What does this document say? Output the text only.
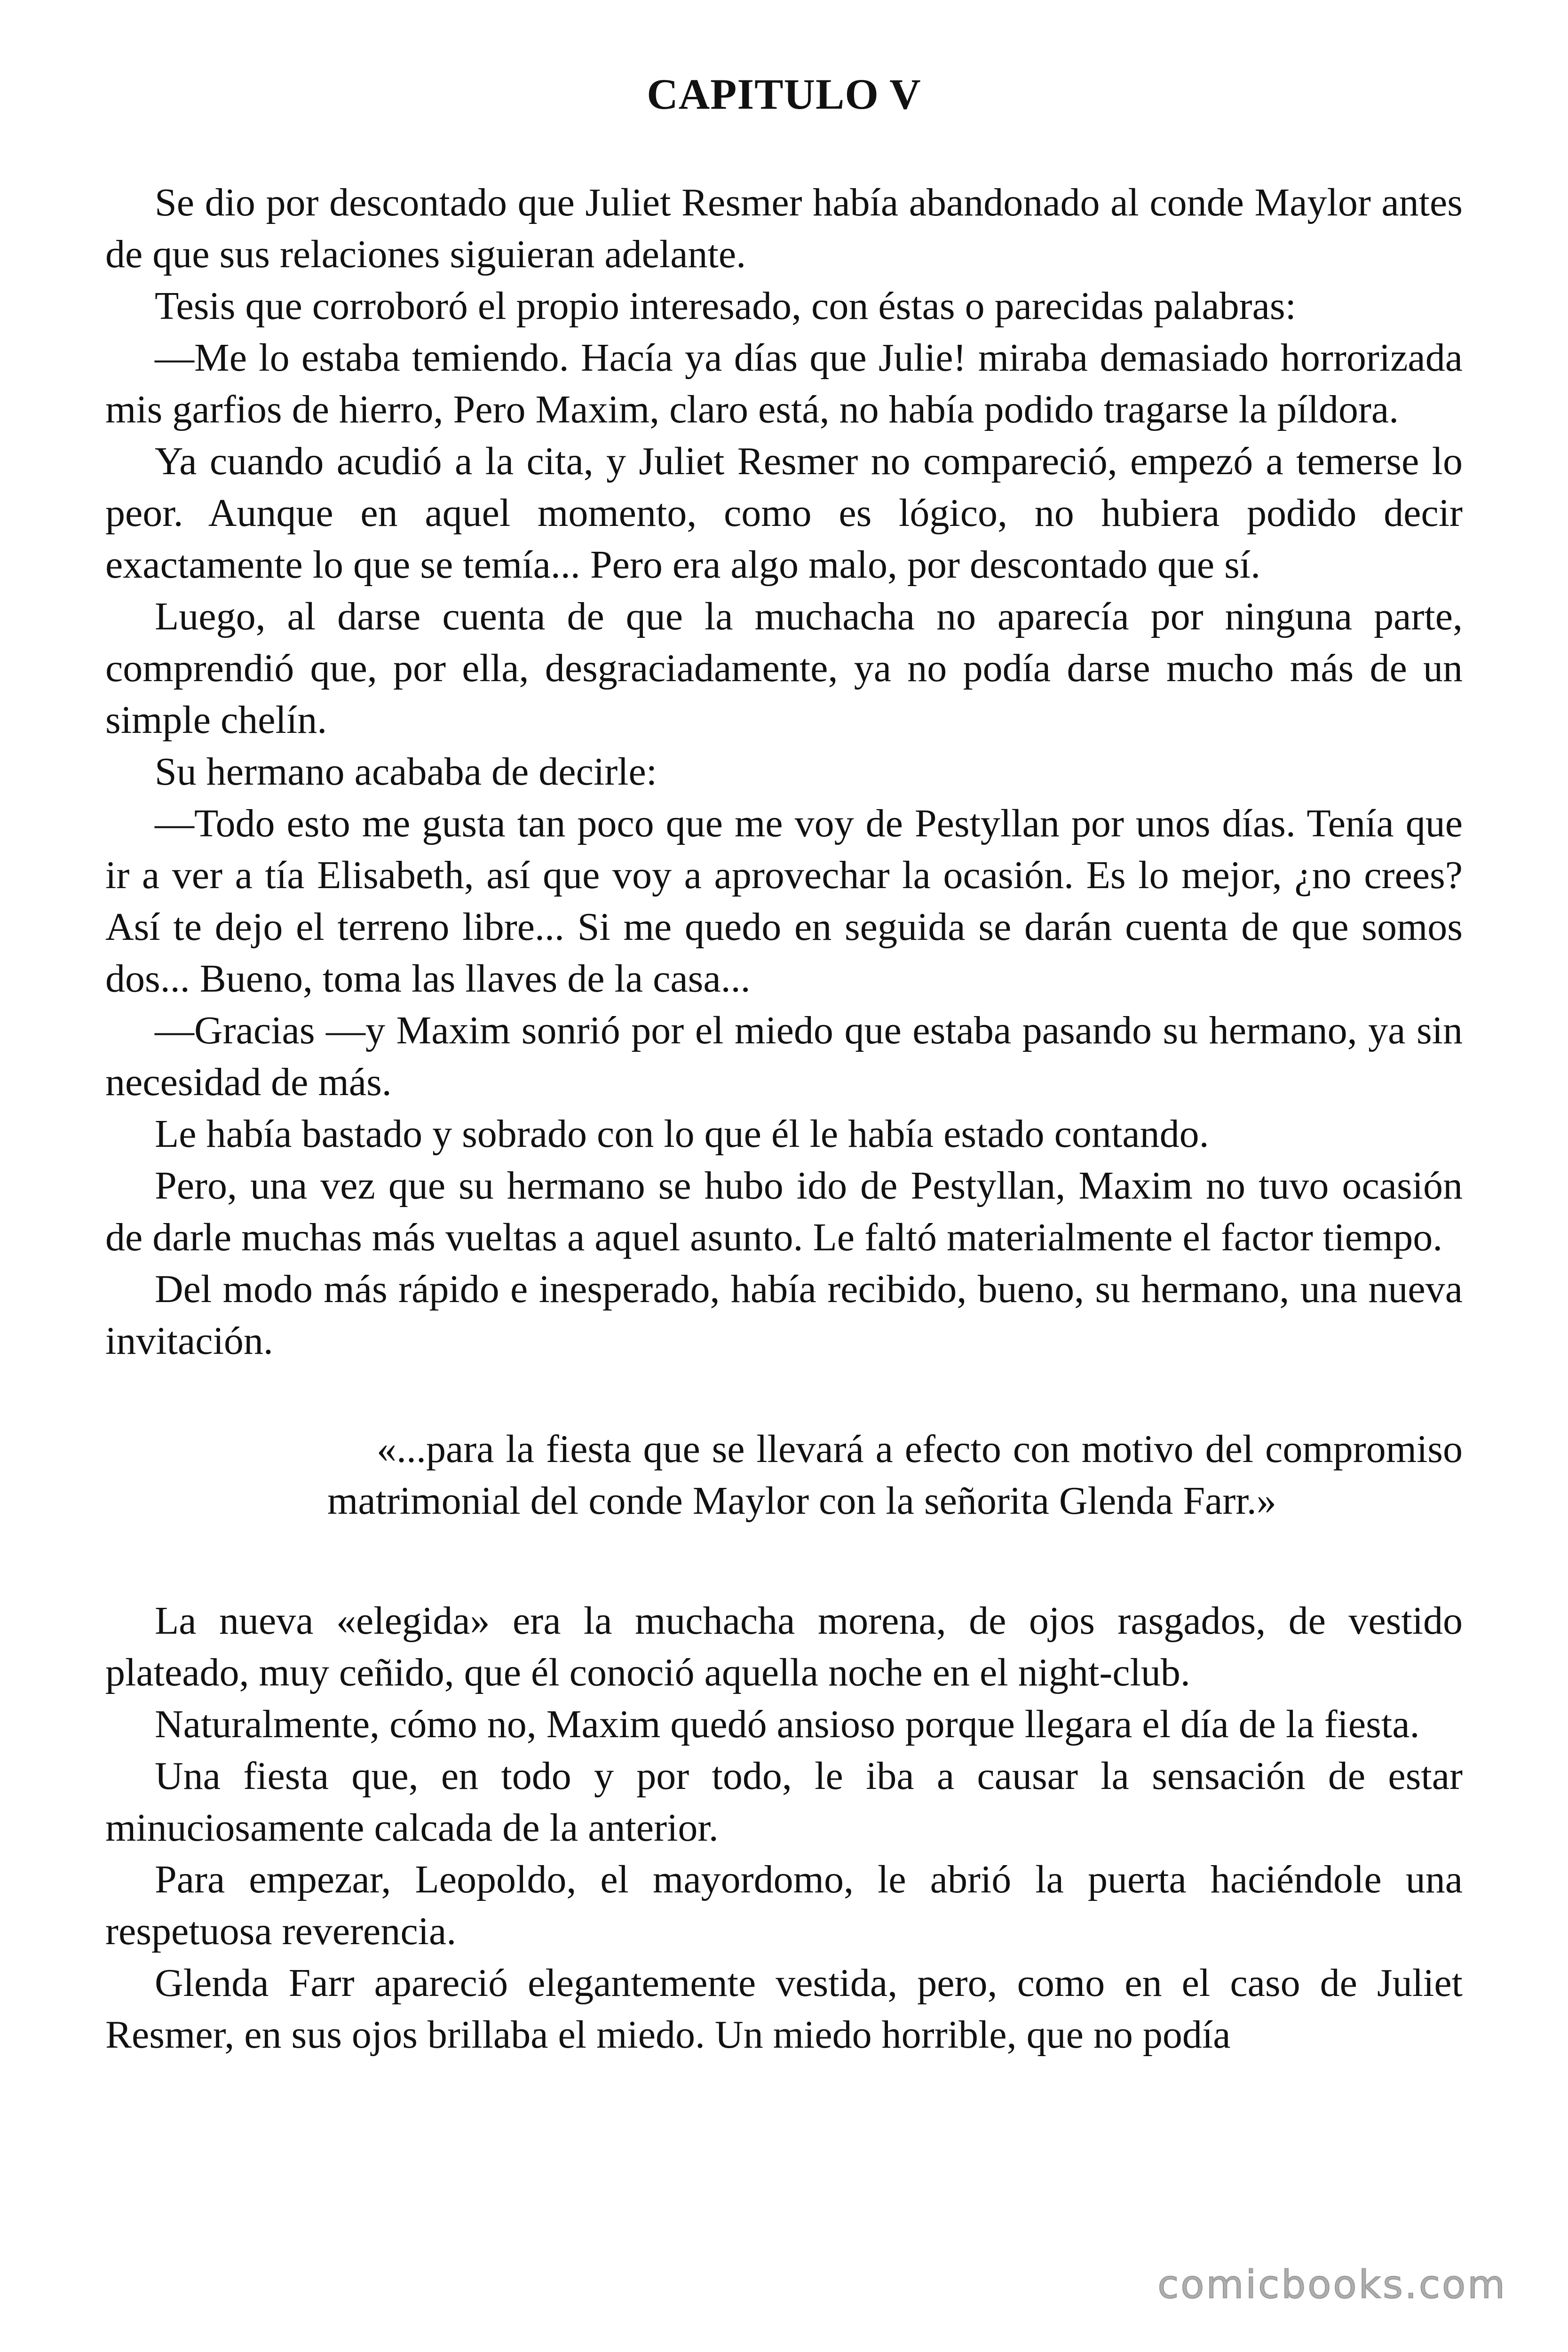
CAPITULO V

Se dio por descontado que Juliet Resmer había abandonado al conde Maylor antes de que sus relaciones siguieran adelante.

Tesis que corroboró el propio interesado, con éstas o parecidas palabras:

—Me lo estaba temiendo. Hacía ya días que Julie! miraba demasiado horrorizada mis garfios de hierro, Pero Maxim, claro está, no había podido tragarse la píldora.

Ya cuando acudió a la cita, y Juliet Resmer no compareció, empezó a temerse lo peor. Aunque en aquel momento, como es lógico, no hubiera podido decir exactamente lo que se temía... Pero era algo malo, por descontado que sí.

Luego, al darse cuenta de que la muchacha no aparecía por ninguna parte, comprendió que, por ella, desgraciadamente, ya no podía darse mucho más de un simple chelín.

Su hermano acababa de decirle:

—Todo esto me gusta tan poco que me voy de Pestyllan por unos días. Tenía que ir a ver a tía Elisabeth, así que voy a aprovechar la ocasión. Es lo mejor, ¿no crees? Así te dejo el terreno libre... Si me quedo en seguida se darán cuenta de que somos dos... Bueno, toma las llaves de la casa...

—Gracias —y Maxim sonrió por el miedo que estaba pasando su hermano, ya sin necesidad de más.

Le había bastado y sobrado con lo que él le había estado contando.

Pero, una vez que su hermano se hubo ido de Pestyllan, Maxim no tuvo ocasión de darle muchas más vueltas a aquel asunto. Le faltó materialmente el factor tiempo.

Del modo más rápido e inesperado, había recibido, bueno, su hermano, una nueva invitación.

«...para la fiesta que se llevará a efecto con motivo del compromiso matrimonial del conde Maylor con la señorita Glenda Farr.»

La nueva «elegida» era la muchacha morena, de ojos rasgados, de vestido plateado, muy ceñido, que él conoció aquella noche en el night-club.

Naturalmente, cómo no, Maxim quedó ansioso porque llegara el día de la fiesta.

Una fiesta que, en todo y por todo, le iba a causar la sensación de estar minuciosamente calcada de la anterior.

Para empezar, Leopoldo, el mayordomo, le abrió la puerta haciéndole una respetuosa reverencia.

Glenda Farr apareció elegantemente vestida, pero, como en el caso de Juliet Resmer, en sus ojos brillaba el miedo. Un miedo horrible, que no podía

comicbooks.com
